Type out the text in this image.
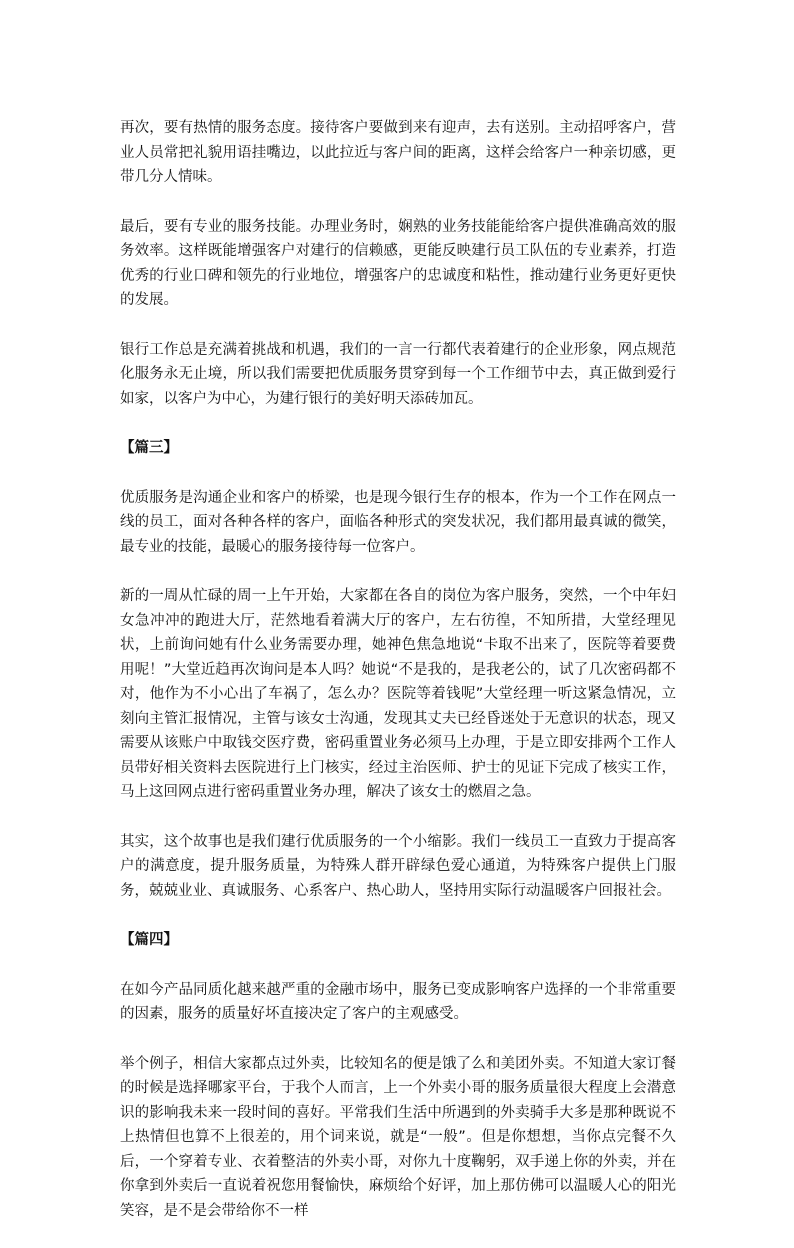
再次，要有热情的服务态度。接待客户要做到来有迎声，去有送别。主动招呼客户，营业人员常把礼貌用语挂嘴边，以此拉近与客户间的距离，这样会给客户一种亲切感，更带几分人情味。

最后，要有专业的服务技能。办理业务时，娴熟的业务技能能给客户提供准确高效的服务效率。这样既能增强客户对建行的信赖感，更能反映建行员工队伍的专业素养，打造优秀的行业口碑和领先的行业地位，增强客户的忠诚度和粘性，推动建行业务更好更快的发展。

银行工作总是充满着挑战和机遇，我们的一言一行都代表着建行的企业形象，网点规范化服务永无止境，所以我们需要把优质服务贯穿到每一个工作细节中去，真正做到爱行如家，以客户为中心，为建行银行的美好明天添砖加瓦。

【篇三】

优质服务是沟通企业和客户的桥梁，也是现今银行生存的根本，作为一个工作在网点一线的员工，面对各种各样的客户，面临各种形式的突发状况，我们都用最真诚的微笑，最专业的技能，最暖心的服务接待每一位客户。

新的一周从忙碌的周一上午开始，大家都在各自的岗位为客户服务，突然，一个中年妇女急冲冲的跑进大厅，茫然地看着满大厅的客户，左右彷徨，不知所措，大堂经理见状，上前询问她有什么业务需要办理，她神色焦急地说“卡取不出来了，医院等着要费用呢！”大堂近趋再次询问是本人吗？她说“不是我的，是我老公的，试了几次密码都不对，他作为不小心出了车祸了，怎么办？医院等着钱呢”大堂经理一听这紧急情况，立刻向主管汇报情况，主管与该女士沟通，发现其丈夫已经昏迷处于无意识的状态，现又需要从该账户中取钱交医疗费，密码重置业务必须马上办理，于是立即安排两个工作人员带好相关资料去医院进行上门核实，经过主治医师、护士的见证下完成了核实工作，马上这回网点进行密码重置业务办理，解决了该女士的燃眉之急。

其实，这个故事也是我们建行优质服务的一个小缩影。我们一线员工一直致力于提高客户的满意度，提升服务质量，为特殊人群开辟绿色爱心通道，为特殊客户提供上门服务，兢兢业业、真诚服务、心系客户、热心助人，坚持用实际行动温暖客户回报社会。

【篇四】

在如今产品同质化越来越严重的金融市场中，服务已变成影响客户选择的一个非常重要的因素，服务的质量好坏直接决定了客户的主观感受。

举个例子，相信大家都点过外卖，比较知名的便是饿了么和美团外卖。不知道大家订餐的时候是选择哪家平台，于我个人而言，上一个外卖小哥的服务质量很大程度上会潜意识的影响我未来一段时间的喜好。平常我们生活中所遇到的外卖骑手大多是那种既说不上热情但也算不上很差的，用个词来说，就是“一般”。但是你想想，当你点完餐不久后，一个穿着专业、衣着整洁的外卖小哥，对你九十度鞠躬，双手递上你的外卖，并在你拿到外卖后一直说着祝您用餐愉快，麻烦给个好评，加上那仿佛可以温暖人心的阳光笑容，是不是会带给你不一样
